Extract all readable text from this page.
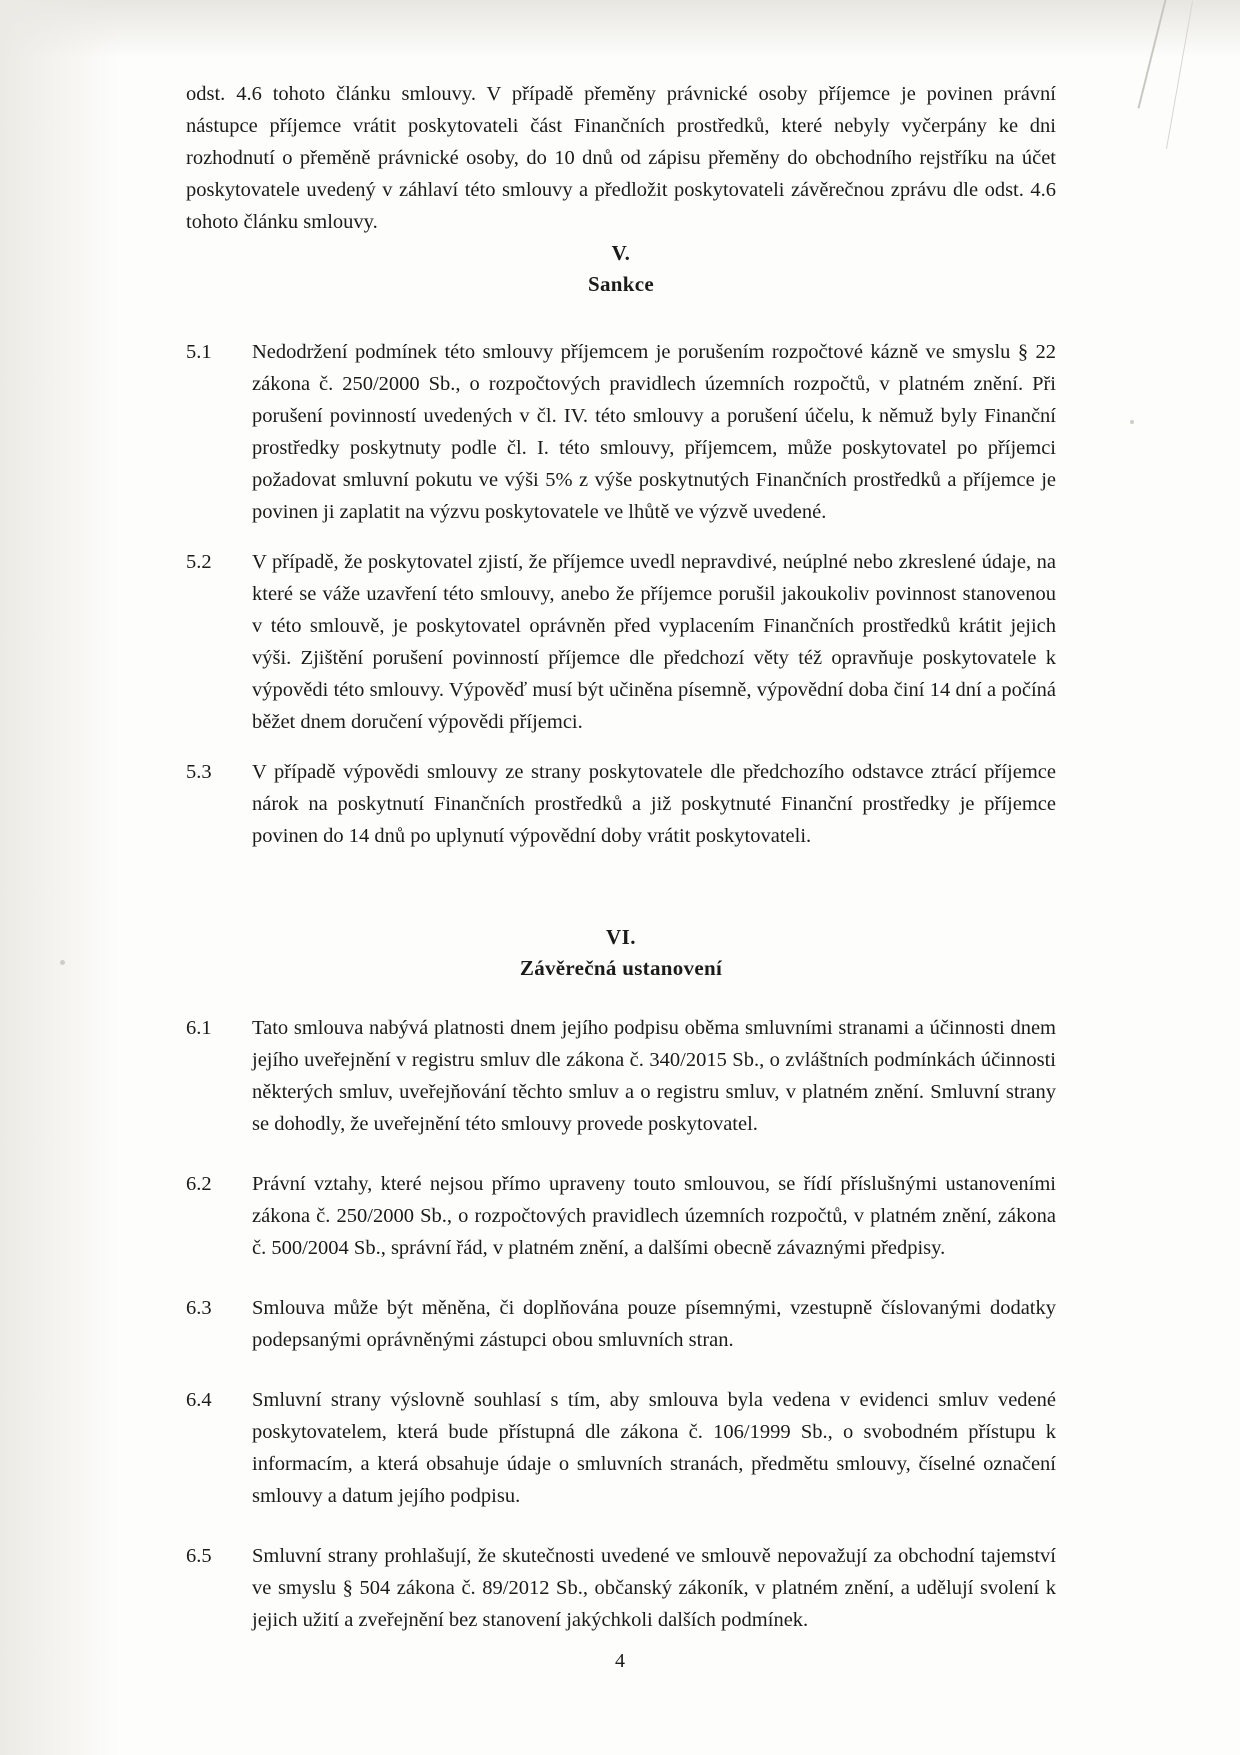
odst. 4.6 tohoto článku smlouvy. V případě přeměny právnické osoby příjemce je povinen právní nástupce příjemce vrátit poskytovateli část Finančních prostředků, které nebyly vyčerpány ke dni rozhodnutí o přeměně právnické osoby, do 10 dnů od zápisu přeměny do obchodního rejstříku na účet poskytovatele uvedený v záhlaví této smlouvy a předložit poskytovateli závěrečnou zprávu dle odst. 4.6 tohoto článku smlouvy.

V.
Sankce
5.1	Nedodržení podmínek této smlouvy příjemcem je porušením rozpočtové kázně ve smyslu § 22 zákona č. 250/2000 Sb., o rozpočtových pravidlech územních rozpočtů, v platném znění. Při porušení povinností uvedených v čl. IV. této smlouvy a porušení účelu, k němuž byly Finanční prostředky poskytnuty podle čl. I. této smlouvy, příjemcem, může poskytovatel po příjemci požadovat smluvní pokutu ve výši 5% z výše poskytnutých Finančních prostředků a příjemce je povinen ji zaplatit na výzvu poskytovatele ve lhůtě ve výzvě uvedené.
5.2	V případě, že poskytovatel zjistí, že příjemce uvedl nepravdivé, neúplné nebo zkreslené údaje, na které se váže uzavření této smlouvy, anebo že příjemce porušil jakoukoliv povinnost stanovenou v této smlouvě, je poskytovatel oprávněn před vyplacením Finančních prostředků krátit jejich výši. Zjištění porušení povinností příjemce dle předchozí věty též opravňuje poskytovatele k výpovědi této smlouvy. Výpověď musí být učiněna písemně, výpovědní doba činí 14 dní a počíná běžet dnem doručení výpovědi příjemci.
5.3	V případě výpovědi smlouvy ze strany poskytovatele dle předchozího odstavce ztrácí příjemce nárok na poskytnutí Finančních prostředků a již poskytnuté Finanční prostředky je příjemce povinen do 14 dnů po uplynutí výpovědní doby vrátit poskytovateli.
VI.
Závěrečná ustanovení
6.1	Tato smlouva nabývá platnosti dnem jejího podpisu oběma smluvními stranami a účinnosti dnem jejího uveřejnění v registru smluv dle zákona č. 340/2015 Sb., o zvláštních podmínkách účinnosti některých smluv, uveřejňování těchto smluv a o registru smluv, v platném znění. Smluvní strany se dohodly, že uveřejnění této smlouvy provede poskytovatel.
6.2	Právní vztahy, které nejsou přímo upraveny touto smlouvou, se řídí příslušnými ustanoveními zákona č. 250/2000 Sb., o rozpočtových pravidlech územních rozpočtů, v platném znění, zákona č. 500/2004 Sb., správní řád, v platném znění, a dalšími obecně závaznými předpisy.
6.3	Smlouva může být měněna, či doplňována pouze písemnými, vzestupně číslovanými dodatky podepsanými oprávněnými zástupci obou smluvních stran.
6.4	Smluvní strany výslovně souhlasí s tím, aby smlouva byla vedena v evidenci smluv vedené poskytovatelem, která bude přístupná dle zákona č. 106/1999 Sb., o svobodném přístupu k informacím, a která obsahuje údaje o smluvních stranách, předmětu smlouvy, číselné označení smlouvy a datum jejího podpisu.
6.5	Smluvní strany prohlašují, že skutečnosti uvedené ve smlouvě nepovažují za obchodní tajemství ve smyslu § 504 zákona č. 89/2012 Sb., občanský zákoník, v platném znění, a udělují svolení k jejich užití a zveřejnění bez stanovení jakýchkoli dalších podmínek.
4
